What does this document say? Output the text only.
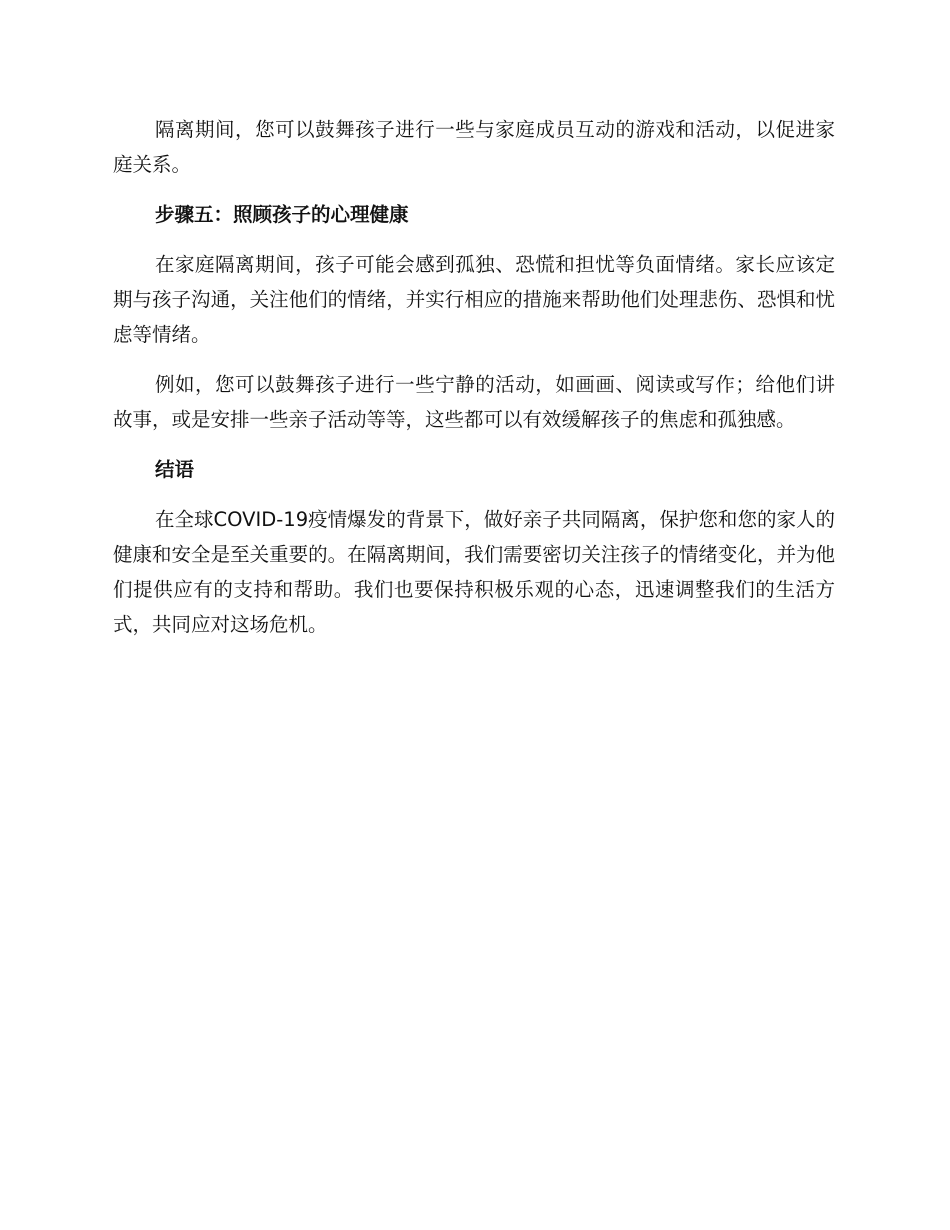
隔离期间，您可以鼓舞孩子进行一些与家庭成员互动的游戏和活动，以促进家庭关系。

步骤五：照顾孩子的心理健康

在家庭隔离期间，孩子可能会感到孤独、恐慌和担忧等负面情绪。家长应该定期与孩子沟通，关注他们的情绪，并实行相应的措施来帮助他们处理悲伤、恐惧和忧虑等情绪。

例如，您可以鼓舞孩子进行一些宁静的活动，如画画、阅读或写作；给他们讲故事，或是安排一些亲子活动等等，这些都可以有效缓解孩子的焦虑和孤独感。

结语

在全球COVID-19疫情爆发的背景下，做好亲子共同隔离，保护您和您的家人的健康和安全是至关重要的。在隔离期间，我们需要密切关注孩子的情绪变化，并为他们提供应有的支持和帮助。我们也要保持积极乐观的心态，迅速调整我们的生活方式，共同应对这场危机。
